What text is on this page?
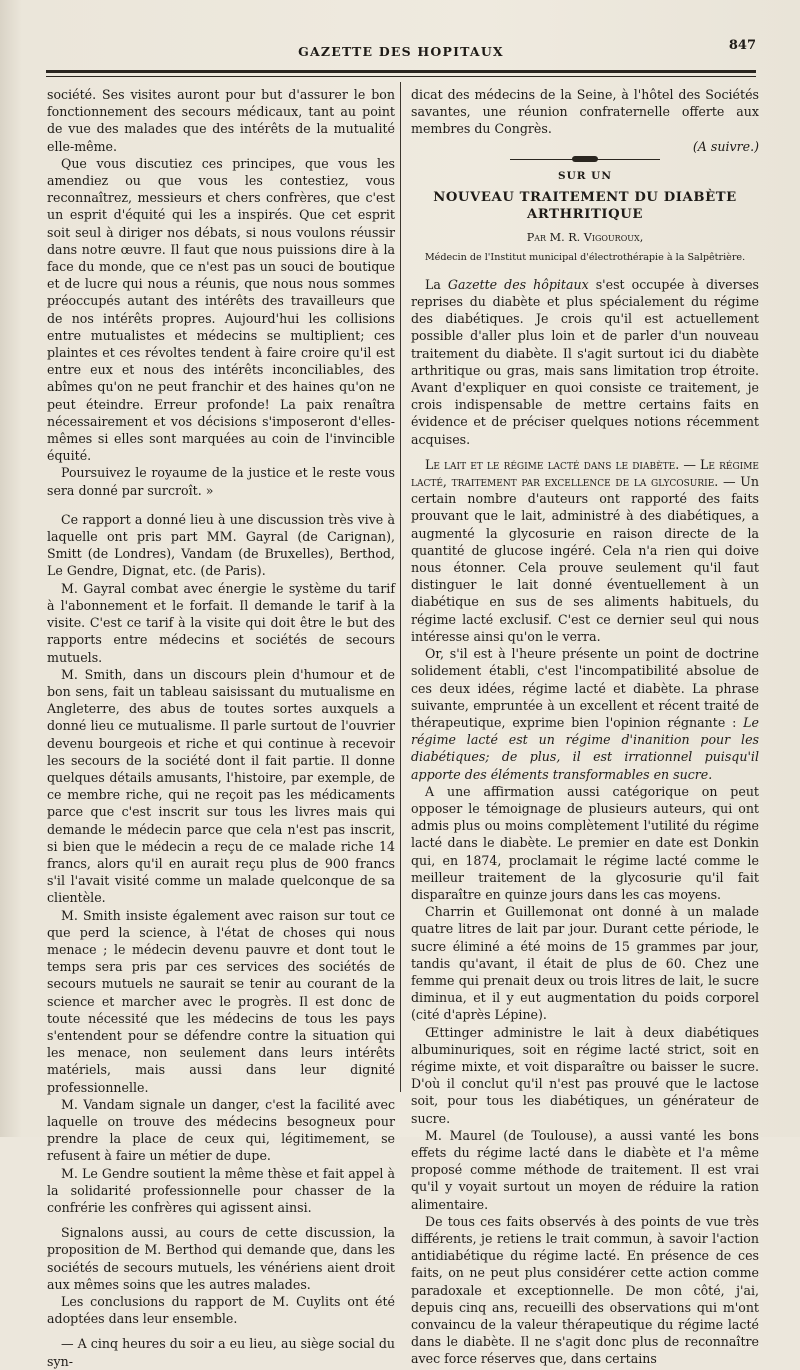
GAZETTE DES HOPITAUX	847

société. Ses visites auront pour but d'assurer le bon fonctionnement des secours médicaux, tant au point de vue des malades que des intérêts de la mutualité elle-même.

Que vous discutiez ces principes, que vous les amendiez ou que vous les contestiez, vous reconnaîtrez, messieurs et chers confrères, que c'est un esprit d'équité qui les a inspirés. Que cet esprit soit seul à diriger nos débats, si nous voulons réussir dans notre œuvre. Il faut que nous puissions dire à la face du monde, que ce n'est pas un souci de boutique et de lucre qui nous a réunis, que nous nous sommes préoccupés autant des intérêts des travailleurs que de nos intérêts propres. Aujourd'hui les collisions entre mutualistes et médecins se multiplient; ces plaintes et ces révoltes tendent à faire croire qu'il est entre eux et nous des intérêts inconciliables, des abîmes qu'on ne peut franchir et des haines qu'on ne peut éteindre. Erreur profonde! La paix renaîtra nécessairement et vos décisions s'imposeront d'elles-mêmes si elles sont marquées au coin de l'invincible équité.

Poursuivez le royaume de la justice et le reste vous sera donné par surcroît. »

Ce rapport a donné lieu à une discussion très vive à laquelle ont pris part MM. Gayral (de Carignan), Smitt (de Londres), Vandam (de Bruxelles), Berthod, Le Gendre, Dignat, etc. (de Paris).

M. Gayral combat avec énergie le système du tarif à l'abonnement et le forfait. Il demande le tarif à la visite. C'est ce tarif à la visite qui doit être le but des rapports entre médecins et sociétés de secours mutuels.

M. Smith, dans un discours plein d'humour et de bon sens, fait un tableau saisissant du mutualisme en Angleterre, des abus de toutes sortes auxquels a donné lieu ce mutualisme. Il parle surtout de l'ouvrier devenu bourgeois et riche et qui continue à recevoir les secours de la société dont il fait partie. Il donne quelques détails amusants, l'histoire, par exemple, de ce membre riche, qui ne reçoit pas les médicaments parce que c'est inscrit sur tous les livres mais qui demande le médecin parce que cela n'est pas inscrit, si bien que le médecin a reçu de ce malade riche 14 francs, alors qu'il en aurait reçu plus de 900 francs s'il l'avait visité comme un malade quelconque de sa clientèle.

M. Smith insiste également avec raison sur tout ce que perd la science, à l'état de choses qui nous menace ; le médecin devenu pauvre et dont tout le temps sera pris par ces services des sociétés de secours mutuels ne saurait se tenir au courant de la science et marcher avec le progrès. Il est donc de toute nécessité que les médecins de tous les pays s'entendent pour se défendre contre la situation qui les menace, non seulement dans leurs intérêts matériels, mais aussi dans leur dignité professionnelle.

M. Vandam signale un danger, c'est la facilité avec laquelle on trouve des médecins besogneux pour prendre la place de ceux qui, légitimement, se refusent à faire un métier de dupe.

M. Le Gendre soutient la même thèse et fait appel à la solidarité professionnelle pour chasser de la confrérie les confrères qui agissent ainsi.

Signalons aussi, au cours de cette discussion, la proposition de M. Berthod qui demande que, dans les sociétés de secours mutuels, les vénériens aient droit aux mêmes soins que les autres malades.

Les conclusions du rapport de M. Cuylits ont été adoptées dans leur ensemble.

— A cinq heures du soir a eu lieu, au siège social du syn-

dicat des médecins de la Seine, à l'hôtel des Sociétés savantes, une réunion confraternelle offerte aux membres du Congrès.

(A suivre.)
SUR UN
NOUVEAU TRAITEMENT DU DIABÈTE ARTHRITIQUE
Par M. R. Vigouroux,
Médecin de l'Institut municipal d'électrothérapie à la Salpêtrière.

La Gazette des hôpitaux s'est occupée à diverses reprises du diabète et plus spécialement du régime des diabétiques. Je crois qu'il est actuellement possible d'aller plus loin et de parler d'un nouveau traitement du diabète. Il s'agit surtout ici du diabète arthritique ou gras, mais sans limitation trop étroite. Avant d'expliquer en quoi consiste ce traitement, je crois indispensable de mettre certains faits en évidence et de préciser quelques notions récemment acquises.

Le lait et le régime lacté dans le diabète. — Le régime lacté, traitement par excellence de la glycosurie. — Un certain nombre d'auteurs ont rapporté des faits prouvant que le lait, administré à des diabétiques, a augmenté la glycosurie en raison directe de la quantité de glucose ingéré. Cela n'a rien qui doive nous étonner. Cela prouve seulement qu'il faut distinguer le lait donné éventuellement à un diabétique en sus de ses aliments habituels, du régime lacté exclusif. C'est ce dernier seul qui nous intéresse ainsi qu'on le verra.

Or, s'il est à l'heure présente un point de doctrine solidement établi, c'est l'incompatibilité absolue de ces deux idées, régime lacté et diabète. La phrase suivante, empruntée à un excellent et récent traité de thérapeutique, exprime bien l'opinion régnante : Le régime lacté est un régime d'inanition pour les diabétiques; de plus, il est irrationnel puisqu'il apporte des éléments transformables en sucre.

A une affirmation aussi catégorique on peut opposer le témoignage de plusieurs auteurs, qui ont admis plus ou moins complètement l'utilité du régime lacté dans le diabète. Le premier en date est Donkin qui, en 1874, proclamait le régime lacté comme le meilleur traitement de la glycosurie qu'il fait disparaître en quinze jours dans les cas moyens.

Charrin et Guillemonat ont donné à un malade quatre litres de lait par jour. Durant cette période, le sucre éliminé a été moins de 15 grammes par jour, tandis qu'avant, il était de plus de 60. Chez une femme qui prenait deux ou trois litres de lait, le sucre diminua, et il y eut augmentation du poids corporel (cité d'après Lépine).

Œttinger administre le lait à deux diabétiques albuminuriques, soit en régime lacté strict, soit en régime mixte, et voit disparaître ou baisser le sucre. D'où il conclut qu'il n'est pas prouvé que le lactose soit, pour tous les diabétiques, un générateur de sucre.

M. Maurel (de Toulouse), a aussi vanté les bons effets du régime lacté dans le diabète et l'a même proposé comme méthode de traitement. Il est vrai qu'il y voyait surtout un moyen de réduire la ration alimentaire.

De tous ces faits observés à des points de vue très différents, je retiens le trait commun, à savoir l'action antidiabétique du régime lacté. En présence de ces faits, on ne peut plus considérer cette action comme paradoxale et exceptionnelle. De mon côté, j'ai, depuis cinq ans, recueilli des observations qui m'ont convaincu de la valeur thérapeutique du régime lacté dans le diabète. Il ne s'agit donc plus de reconnaître avec force réserves que, dans certains
